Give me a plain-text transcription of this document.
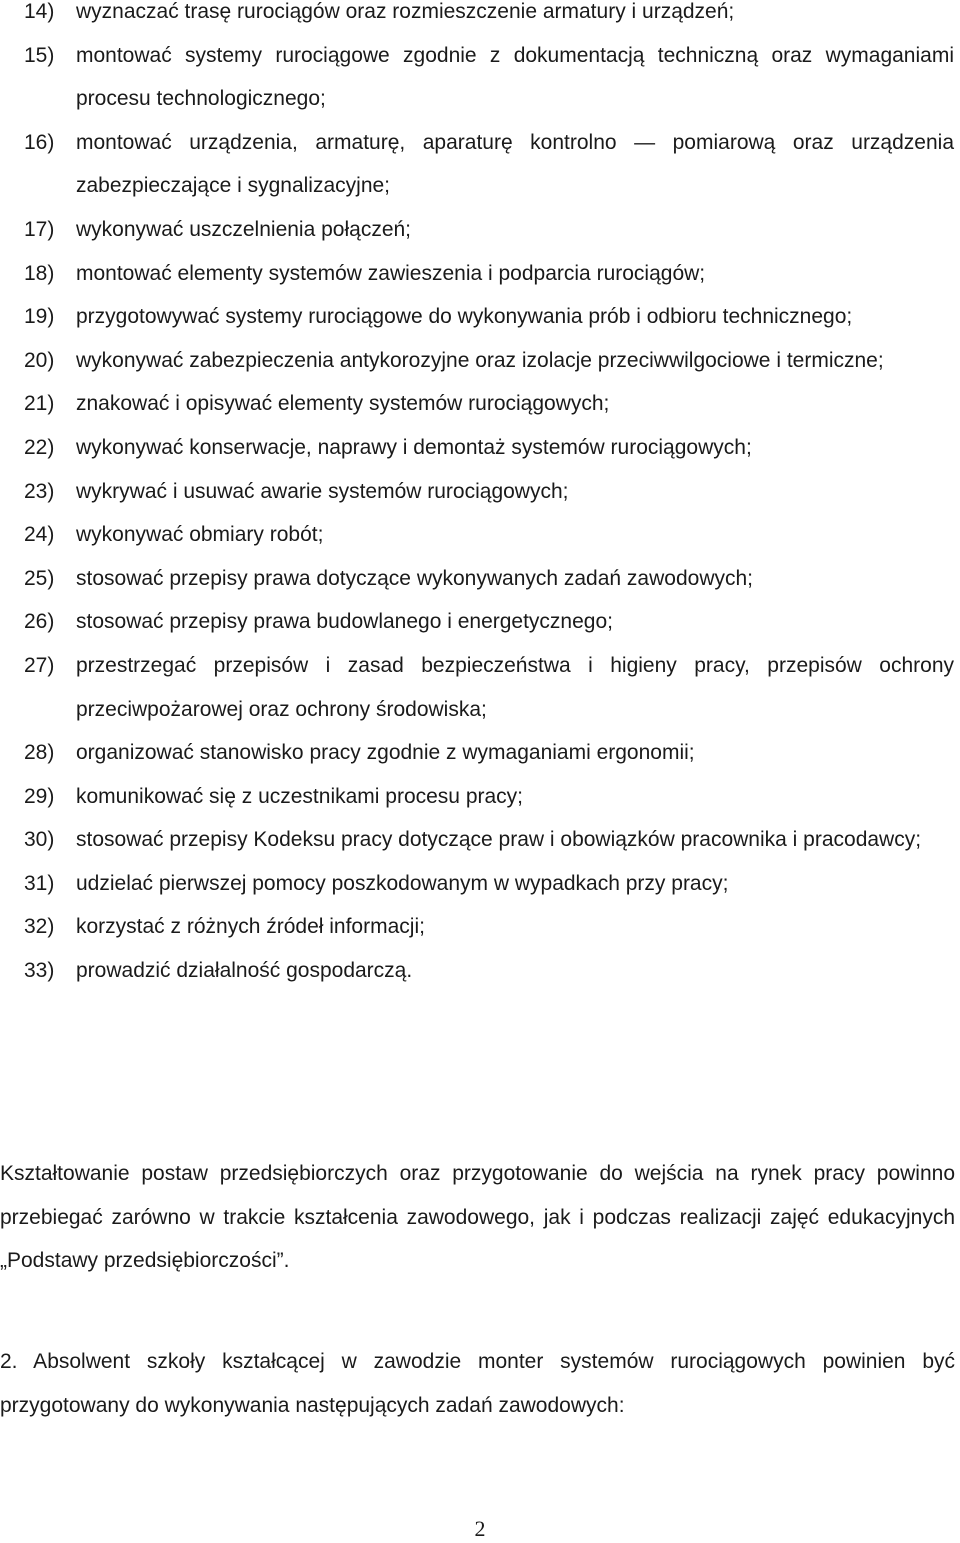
14) wyznaczać trasę rurociągów oraz rozmieszczenie armatury i urządzeń;
15) montować systemy rurociągowe zgodnie z dokumentacją techniczną oraz wymaganiami procesu technologicznego;
16) montować urządzenia, armaturę, aparaturę kontrolno — pomiarową oraz urządzenia zabezpieczające i sygnalizacyjne;
17) wykonywać uszczelnienia połączeń;
18) montować elementy systemów zawieszenia i podparcia rurociągów;
19) przygotowywać systemy rurociągowe do wykonywania prób i odbioru technicznego;
20) wykonywać zabezpieczenia antykorozyjne oraz izolacje przeciwwilgociowe i termiczne;
21) znakować i opisywać elementy systemów rurociągowych;
22) wykonywać konserwacje, naprawy i demontaż systemów rurociągowych;
23) wykrywać i usuwać awarie systemów rurociągowych;
24) wykonywać obmiary robót;
25) stosować przepisy prawa dotyczące wykonywanych zadań zawodowych;
26) stosować przepisy prawa budowlanego i energetycznego;
27) przestrzegać przepisów i zasad bezpieczeństwa i higieny pracy, przepisów ochrony przeciwpożarowej oraz ochrony środowiska;
28) organizować stanowisko pracy zgodnie z wymaganiami ergonomii;
29) komunikować się z uczestnikami procesu pracy;
30) stosować przepisy Kodeksu pracy dotyczące praw i obowiązków pracownika i pracodawcy;
31) udzielać pierwszej pomocy poszkodowanym w wypadkach przy pracy;
32) korzystać z różnych źródeł informacji;
33) prowadzić działalność gospodarczą.

Kształtowanie postaw przedsiębiorczych oraz przygotowanie do wejścia na rynek pracy powinno przebiegać zarówno w trakcie kształcenia zawodowego, jak i podczas realizacji zajęć edukacyjnych „Podstawy przedsiębiorczości”.

2. Absolwent szkoły kształcącej w zawodzie monter systemów rurociągowych powinien być przygotowany do wykonywania następujących zadań zawodowych:

2
